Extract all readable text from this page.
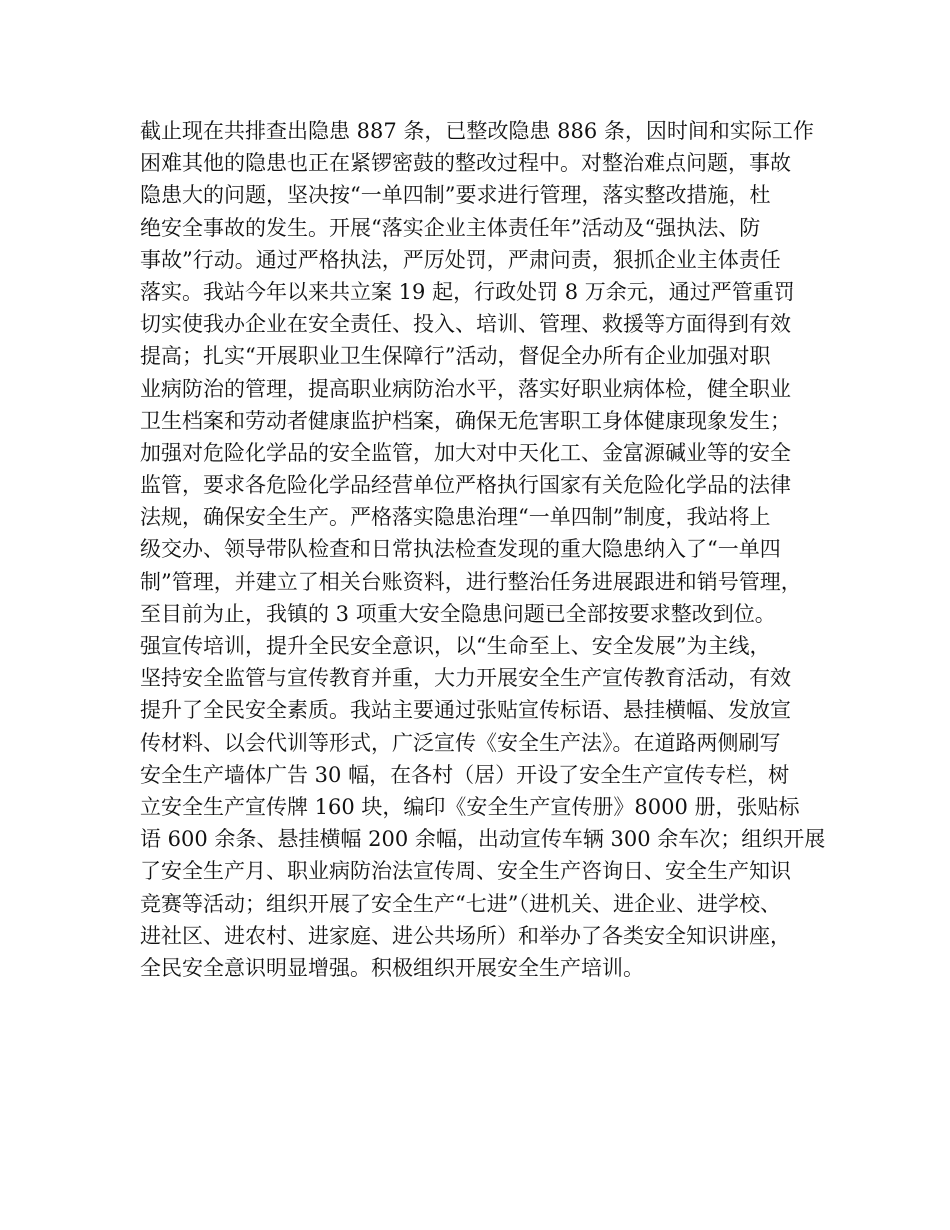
截止现在共排查出隐患 887 条，已整改隐患 886 条，因时间和实际工作
困难其他的隐患也正在紧锣密鼓的整改过程中。对整治难点问题，事故
隐患大的问题，坚决按“一单四制”要求进行管理，落实整改措施，杜
绝安全事故的发生。开展“落实企业主体责任年”活动及“强执法、防
事故”行动。通过严格执法，严厉处罚，严肃问责，狠抓企业主体责任
落实。我站今年以来共立案 19 起，行政处罚 8 万余元，通过严管重罚
切实使我办企业在安全责任、投入、培训、管理、救援等方面得到有效
提高；扎实“开展职业卫生保障行”活动，督促全办所有企业加强对职
业病防治的管理，提高职业病防治水平，落实好职业病体检，健全职业
卫生档案和劳动者健康监护档案，确保无危害职工身体健康现象发生；
加强对危险化学品的安全监管，加大对中天化工、金富源碱业等的安全
监管，要求各危险化学品经营单位严格执行国家有关危险化学品的法律
法规，确保安全生产。严格落实隐患治理“一单四制”制度，我站将上
级交办、领导带队检查和日常执法检查发现的重大隐患纳入了“一单四
制”管理，并建立了相关台账资料，进行整治任务进展跟进和销号管理，
至目前为止，我镇的 3 项重大安全隐患问题已全部按要求整改到位。
强宣传培训，提升全民安全意识，以“生命至上、安全发展”为主线，
坚持安全监管与宣传教育并重，大力开展安全生产宣传教育活动，有效
提升了全民安全素质。我站主要通过张贴宣传标语、悬挂横幅、发放宣
传材料、以会代训等形式，广泛宣传《安全生产法》。在道路两侧刷写
安全生产墙体广告 30 幅，在各村（居）开设了安全生产宣传专栏，树
立安全生产宣传牌 160 块，编印《安全生产宣传册》8000 册，张贴标
语 600 余条、悬挂横幅 200 余幅，出动宣传车辆 300 余车次；组织开展
了安全生产月、职业病防治法宣传周、安全生产咨询日、安全生产知识
竞赛等活动；组织开展了安全生产“七进”（进机关、进企业、进学校、
进社区、进农村、进家庭、进公共场所）和举办了各类安全知识讲座，
全民安全意识明显增强。积极组织开展安全生产培训。
